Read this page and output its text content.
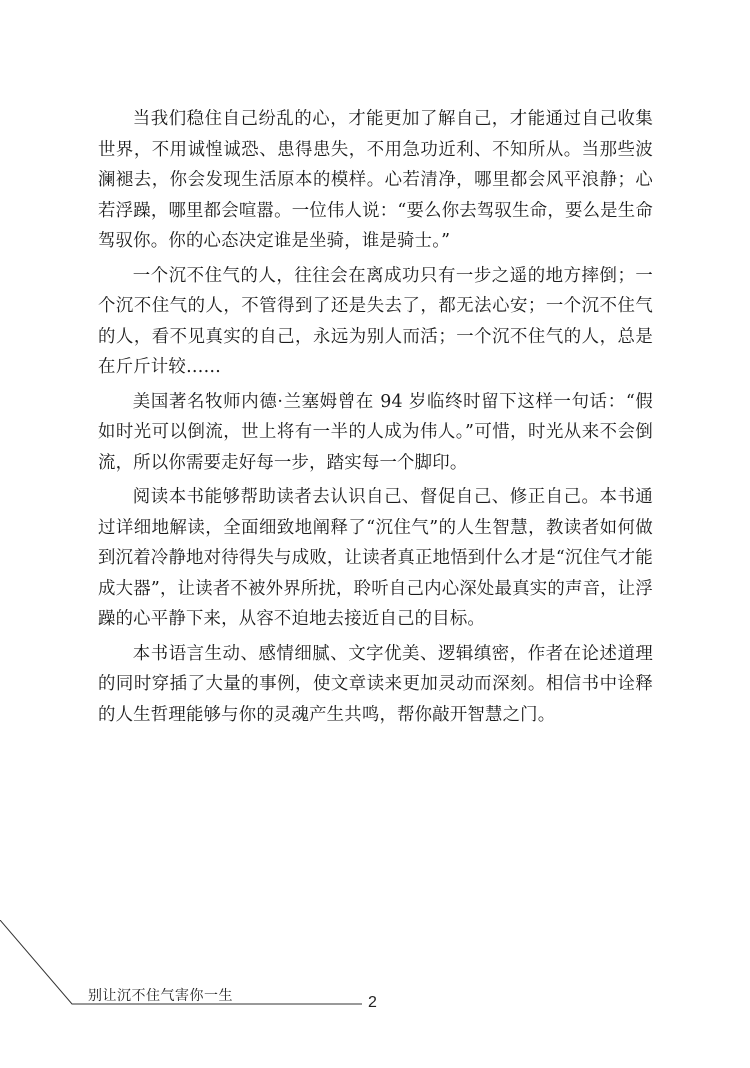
当我们稳住自己纷乱的心，才能更加了解自己，才能通过自己收集世界，不用诚惶诚恐、患得患失，不用急功近利、不知所从。当那些波澜褪去，你会发现生活原本的模样。心若清净，哪里都会风平浪静；心若浮躁，哪里都会喧嚣。一位伟人说：“要么你去驾驭生命，要么是生命驾驭你。你的心态决定谁是坐骑，谁是骑士。”

一个沉不住气的人，往往会在离成功只有一步之遥的地方摔倒；一个沉不住气的人，不管得到了还是失去了，都无法心安；一个沉不住气的人，看不见真实的自己，永远为别人而活；一个沉不住气的人，总是在斤斤计较……

美国著名牧师内德·兰塞姆曾在 94 岁临终时留下这样一句话：“假如时光可以倒流，世上将有一半的人成为伟人。”可惜，时光从来不会倒流，所以你需要走好每一步，踏实每一个脚印。

阅读本书能够帮助读者去认识自己、督促自己、修正自己。本书通过详细地解读，全面细致地阐释了“沉住气”的人生智慧，教读者如何做到沉着冷静地对待得失与成败，让读者真正地悟到什么才是“沉住气才能成大器”，让读者不被外界所扰，聆听自己内心深处最真实的声音，让浮躁的心平静下来，从容不迫地去接近自己的目标。

本书语言生动、感情细腻、文字优美、逻辑缜密，作者在论述道理的同时穿插了大量的事例，使文章读来更加灵动而深刻。相信书中诠释的人生哲理能够与你的灵魂产生共鸣，帮你敲开智慧之门。

别让沉不住气害你一生	2
